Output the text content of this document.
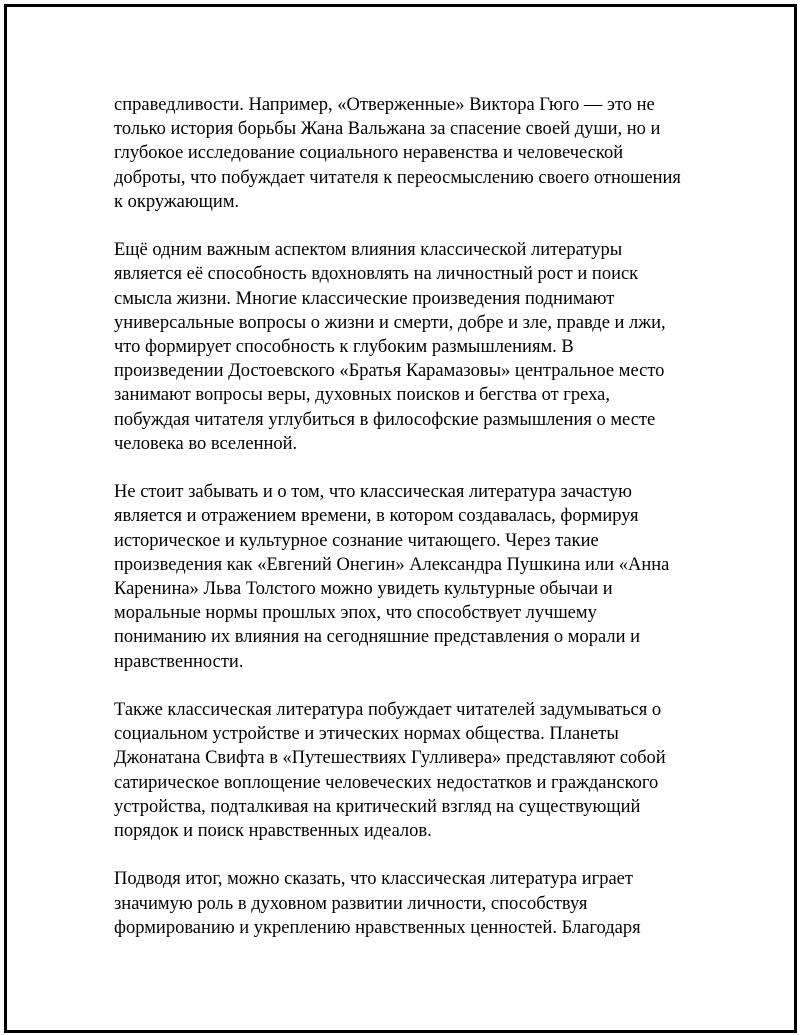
справедливости. Например, «Отверженные» Виктора Гюго — это не
только история борьбы Жана Вальжана за спасение своей души, но и
глубокое исследование социального неравенства и человеческой
доброты, что побуждает читателя к переосмыслению своего отношения
к окружающим.

Ещё одним важным аспектом влияния классической литературы
является её способность вдохновлять на личностный рост и поиск
смысла жизни. Многие классические произведения поднимают
универсальные вопросы о жизни и смерти, добре и зле, правде и лжи,
что формирует способность к глубоким размышлениям. В
произведении Достоевского «Братья Карамазовы» центральное место
занимают вопросы веры, духовных поисков и бегства от греха,
побуждая читателя углубиться в философские размышления о месте
человека во вселенной.

Не стоит забывать и о том, что классическая литература зачастую
является и отражением времени, в котором создавалась, формируя
историческое и культурное сознание читающего. Через такие
произведения как «Евгений Онегин» Александра Пушкина или «Анна
Каренина» Льва Толстого можно увидеть культурные обычаи и
моральные нормы прошлых эпох, что способствует лучшему
пониманию их влияния на сегодняшние представления о морали и
нравственности.

Также классическая литература побуждает читателей задумываться о
социальном устройстве и этических нормах общества. Планеты
Джонатана Свифта в «Путешествиях Гулливера» представляют собой
сатирическое воплощение человеческих недостатков и гражданского
устройства, подталкивая на критический взгляд на существующий
порядок и поиск нравственных идеалов.

Подводя итог, можно сказать, что классическая литература играет
значимую роль в духовном развитии личности, способствуя
формированию и укреплению нравственных ценностей. Благодаря
